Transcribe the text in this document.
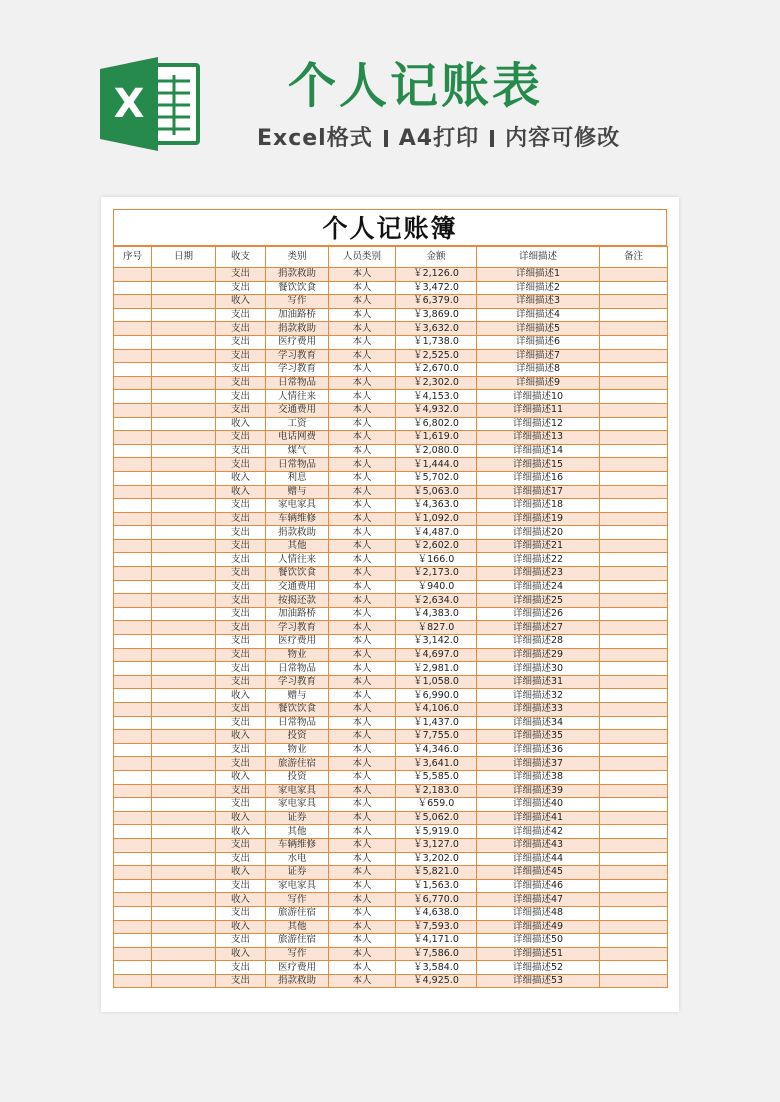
X	个人记账表
Excel格式 A4打印 内容可修改
个人记账簿
序号	日期	收支	类别	人员类别	金额	详细描述	备注
		支出	捐款救助	本人	￥2,126.0	详细描述1	
		支出	餐饮饮食	本人	￥3,472.0	详细描述2	
		收入	写作	本人	￥6,379.0	详细描述3	
		支出	加油路桥	本人	￥3,869.0	详细描述4	
		支出	捐款救助	本人	￥3,632.0	详细描述5	
		支出	医疗费用	本人	￥1,738.0	详细描述6	
		支出	学习教育	本人	￥2,525.0	详细描述7	
		支出	学习教育	本人	￥2,670.0	详细描述8	
		支出	日常物品	本人	￥2,302.0	详细描述9	
		支出	人情往来	本人	￥4,153.0	详细描述10	
		支出	交通费用	本人	￥4,932.0	详细描述11	
		收入	工资	本人	￥6,802.0	详细描述12	
		支出	电话网费	本人	￥1,619.0	详细描述13	
		支出	煤气	本人	￥2,080.0	详细描述14	
		支出	日常物品	本人	￥1,444.0	详细描述15	
		收入	利息	本人	￥5,702.0	详细描述16	
		收入	赠与	本人	￥5,063.0	详细描述17	
		支出	家电家具	本人	￥4,363.0	详细描述18	
		支出	车辆维修	本人	￥1,092.0	详细描述19	
		支出	捐款救助	本人	￥4,487.0	详细描述20	
		支出	其他	本人	￥2,602.0	详细描述21	
		支出	人情往来	本人	￥166.0	详细描述22	
		支出	餐饮饮食	本人	￥2,173.0	详细描述23	
		支出	交通费用	本人	￥940.0	详细描述24	
		支出	按揭还款	本人	￥2,634.0	详细描述25	
		支出	加油路桥	本人	￥4,383.0	详细描述26	
		支出	学习教育	本人	￥827.0	详细描述27	
		支出	医疗费用	本人	￥3,142.0	详细描述28	
		支出	物业	本人	￥4,697.0	详细描述29	
		支出	日常物品	本人	￥2,981.0	详细描述30	
		支出	学习教育	本人	￥1,058.0	详细描述31	
		收入	赠与	本人	￥6,990.0	详细描述32	
		支出	餐饮饮食	本人	￥4,106.0	详细描述33	
		支出	日常物品	本人	￥1,437.0	详细描述34	
		收入	投资	本人	￥7,755.0	详细描述35	
		支出	物业	本人	￥4,346.0	详细描述36	
		支出	旅游住宿	本人	￥3,641.0	详细描述37	
		收入	投资	本人	￥5,585.0	详细描述38	
		支出	家电家具	本人	￥2,183.0	详细描述39	
		支出	家电家具	本人	￥659.0	详细描述40	
		收入	证券	本人	￥5,062.0	详细描述41	
		收入	其他	本人	￥5,919.0	详细描述42	
		支出	车辆维修	本人	￥3,127.0	详细描述43	
		支出	水电	本人	￥3,202.0	详细描述44	
		收入	证券	本人	￥5,821.0	详细描述45	
		支出	家电家具	本人	￥1,563.0	详细描述46	
		收入	写作	本人	￥6,770.0	详细描述47	
		支出	旅游住宿	本人	￥4,638.0	详细描述48	
		收入	其他	本人	￥7,593.0	详细描述49	
		支出	旅游住宿	本人	￥4,171.0	详细描述50	
		收入	写作	本人	￥7,586.0	详细描述51	
		支出	医疗费用	本人	￥3,584.0	详细描述52	
		支出	捐款救助	本人	￥4,925.0	详细描述53	
